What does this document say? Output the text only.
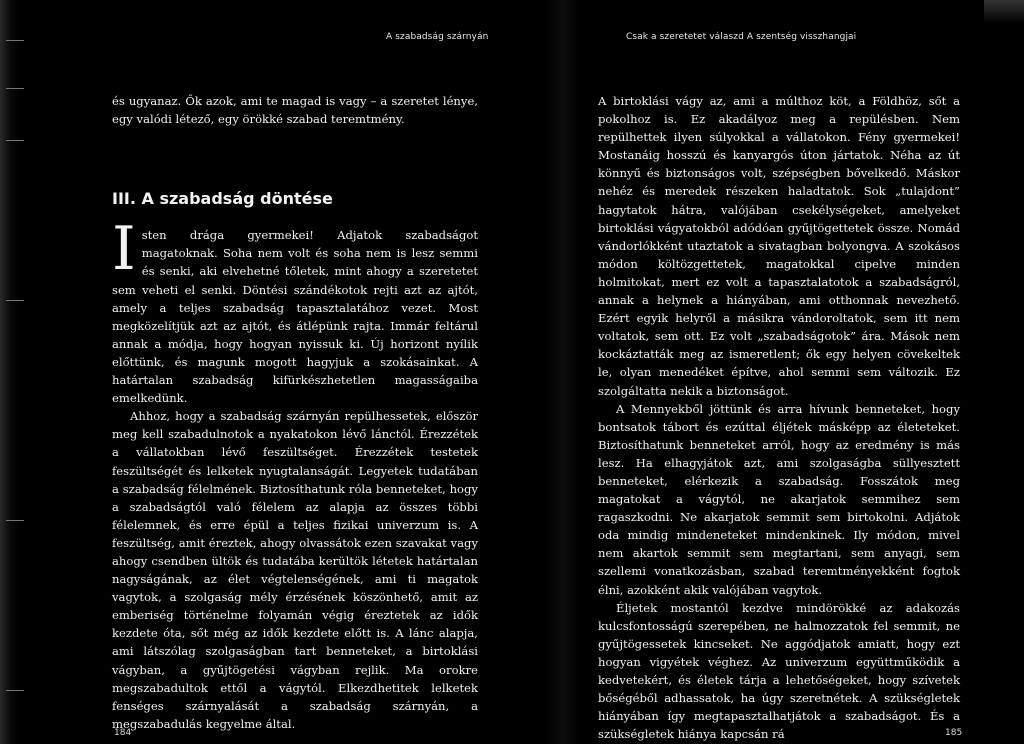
A szabadság szárnyán	Csak a szeretetet válaszd A szentség visszhangjai

és ugyanaz. Ők azok, ami te magad is vagy – a szeretet lénye, egy valódi létező, egy örökké szabad teremtmény.

III. A szabadság döntése
I sten drága gyermekei! Adjatok szabadságot magatoknak. Soha nem volt és soha nem is lesz semmi és senki, aki elvehetné tőletek, mint ahogy a szeretetet sem veheti el senki. Döntési szándékotok rejti azt az ajtót, amely a teljes szabadság tapasztalatához vezet. Most megközelítjük azt az ajtót, és átlépünk rajta. Immár feltárul annak a módja, hogy hogyan nyissuk ki. Új horizont nyílik előttünk, és magunk mogott hagyjuk a szokásainkat. A határtalan szabadság kifürkészhetetlen magasságaiba emelkedünk.

Ahhoz, hogy a szabadság szárnyán repülhessetek, először meg kell szabadulnotok a nyakatokon lévő lánctól. Érezzétek a vállatokban lévő feszültséget. Érezzétek testetek feszültségét és lelketek nyugtalanságát. Legyetek tudatában a szabadság félelmének. Biztosíthatunk róla benneteket, hogy a szabadságtól való félelem az alapja az összes többi félelemnek, és erre épül a teljes fizikai univerzum is. A feszültség, amit éreztek, ahogy olvassátok ezen szavakat vagy ahogy csendben ültök és tudatába kerültök létetek határtalan nagyságának, az élet végtelenségének, ami ti magatok vagytok, a szolgaság mély érzésének köszönhető, amit az emberiség történelme folyamán végig éreztetek az idők kezdete óta, sőt még az idők kezdete előtt is. A lánc alapja, ami látszólag szolgaságban tart benneteket, a birtoklási vágyban, a gyűjtögetési vágyban rejlik. Ma orokre megszabadultok ettől a vágytól. Elkezdhetitek lelketek fenséges szárnyalását a szabadság szárnyán, a megszabadulás kegyelme által.

A birtoklási vágy az, ami a múlthoz köt, a Földhöz, sőt a pokolhoz is. Ez akadályoz meg a repülésben. Nem repülhettek ilyen súlyokkal a vállatokon. Fény gyermekei! Mostanáig hosszú és kanyargós úton jártatok. Néha az út könnyű és biztonságos volt, szépségben bővelkedő. Máskor nehéz és meredek részeken haladtatok. Sok „tulajdont” hagytatok hátra, valójában csekélységeket, amelyeket birtoklási vágyatokból adódóan gyűjtögettetek össze. Nomád vándorlókként utaztatok a sivatagban bolyongva. A szokásos módon költözgettetek, magatokkal cipelve minden holmitokat, mert ez volt a tapasztalatotok a szabadságról, annak a helynek a hiányában, ami otthonnak nevezhető. Ezért egyik helyről a másikra vándoroltatok, sem itt nem voltatok, sem ott. Ez volt „szabadságotok” ára. Mások nem kockáztatták meg az ismeretlent; ők egy helyen cövekeltek le, olyan menedéket építve, ahol semmi sem változik. Ez szolgáltatta nekik a biztonságot.

A Mennyekből jöttünk és arra hívunk benneteket, hogy bontsatok tábort és ezúttal éljétek másképp az életeteket. Biztosíthatunk benneteket arról, hogy az eredmény is más lesz. Ha elhagyjátok azt, ami szolgaságba süllyesztett benneteket, elérkezik a szabadság. Fosszátok meg magatokat a vágytól, ne akarjatok semmihez sem ragaszkodni. Ne akarjatok semmit sem birtokolni. Adjátok oda mindig mindeneteket mindenkinek. Ily módon, mivel nem akartok semmit sem megtartani, sem anyagi, sem szellemi vonatkozásban, szabad teremtményekként fogtok élni, azokként akik valójában vagytok.

Éljetek mostantól kezdve mindörökké az adakozás kulcsfontosságú szerepében, ne halmozzatok fel semmit, ne gyűjtögessetek kincseket. Ne aggódjatok amiatt, hogy ezt hogyan vigyétek véghez. Az univerzum együttműködik a kedvetekért, és életek tárja a lehetőségeket, hogy szívetek bőségéből adhassatok, ha úgy szeretnétek. A szükségletek hiányában így megtapasztalhatjátok a szabadságot. És a szükségletek hiánya kapcsán rá

184	185
